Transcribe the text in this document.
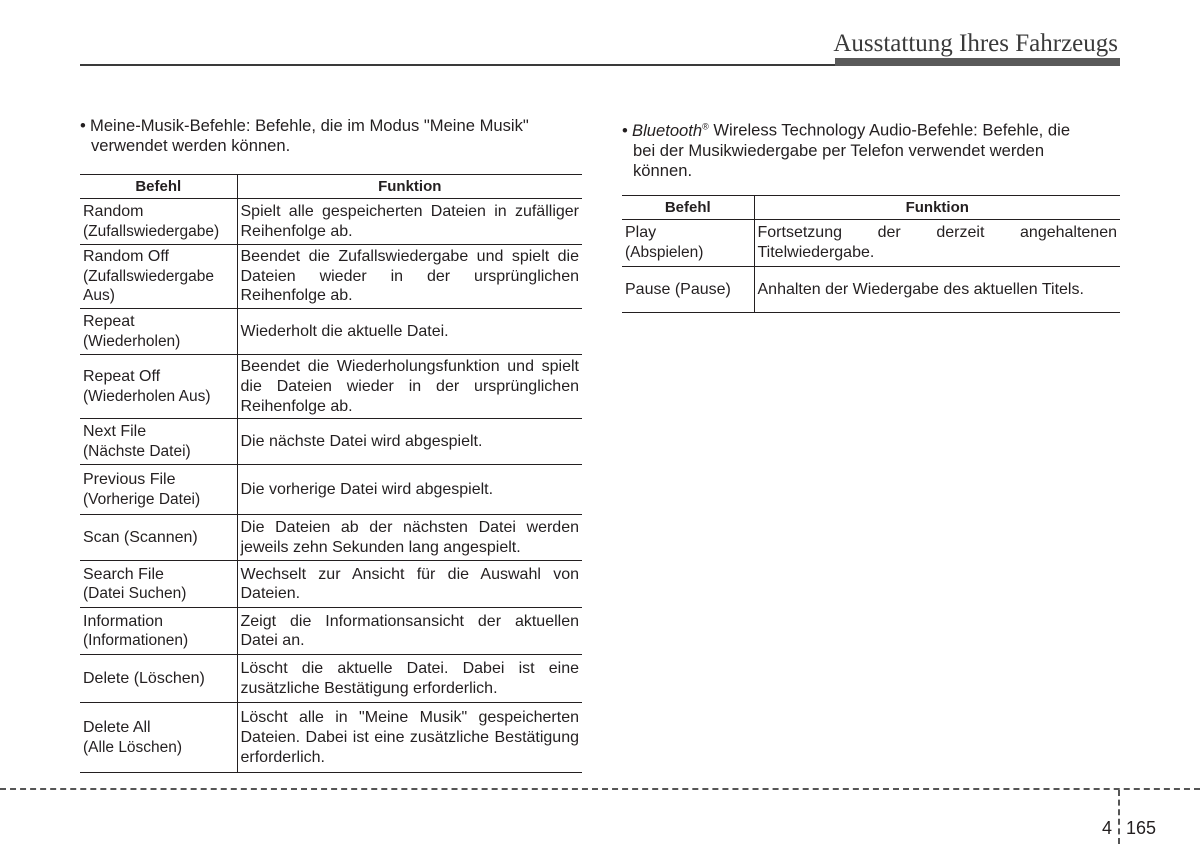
Ausstattung Ihres Fahrzeugs
• Meine-Musik-Befehle: Befehle, die im Modus "Meine Musik"
verwendet werden können.
Befehl	Funktion

Random
(Zufallswiedergabe)	Spielt alle gespeicherten Dateien in zufälliger Reihenfolge ab.

Random Off
(Zufallswiedergabe Aus)	Beendet die Zufallswiedergabe und spielt die Dateien wieder in der ursprünglichen Reihenfolge ab.

Repeat
(Wiederholen)	Wiederholt die aktuelle Datei.

Repeat Off
(Wiederholen Aus)	Beendet die Wiederholungsfunktion und spielt die Dateien wieder in der ursprünglichen Reihenfolge ab.

Next File
(Nächste Datei)	Die nächste Datei wird abgespielt.

Previous File
(Vorherige Datei)	Die vorherige Datei wird abgespielt.

Scan (Scannen)	Die Dateien ab der nächsten Datei werden jeweils zehn Sekunden lang angespielt.

Search File
(Datei Suchen)	Wechselt zur Ansicht für die Auswahl von Dateien.

Information
(Informationen)	Zeigt die Informationsansicht der aktuellen Datei an.

Delete (Löschen)	Löscht die aktuelle Datei. Dabei ist eine zusätzliche Bestätigung erforderlich.

Delete All
(Alle Löschen)	Löscht alle in "Meine Musik" gespeicherten Dateien. Dabei ist eine zusätzliche Bestätigung erforderlich.
• Bluetooth® Wireless Technology Audio-Befehle: Befehle, die
bei der Musikwiedergabe per Telefon verwendet werden
können.
Befehl	Funktion

Play
(Abspielen)	Fortsetzung der derzeit angehaltenen Titelwiedergabe.

Pause (Pause)	Anhalten der Wiedergabe des aktuellen Titels.
4 165
